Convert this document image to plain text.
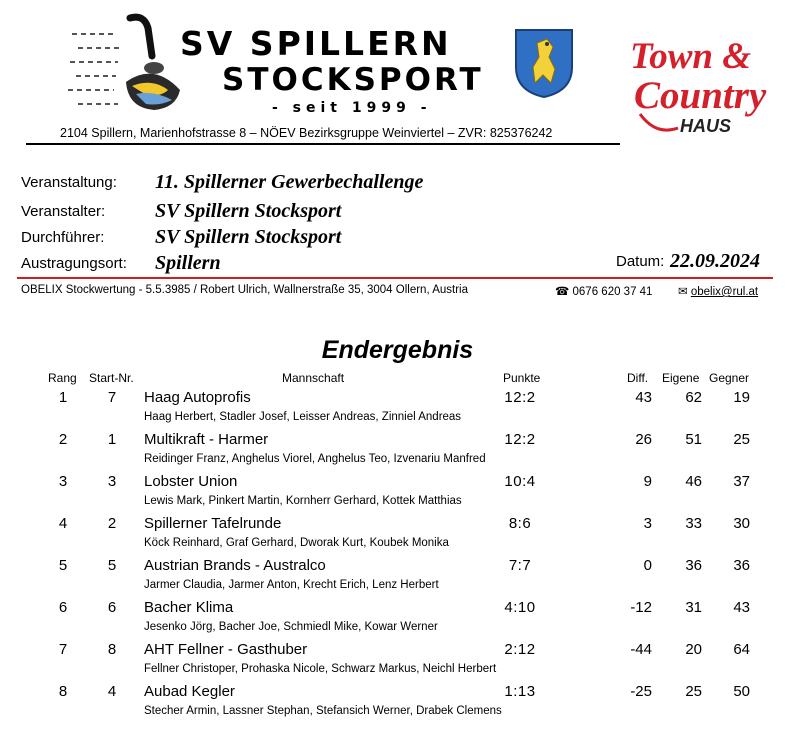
SV SPILLERN
STOCKSPORT
- seit 1999 -
2104 Spillern, Marienhofstrasse 8 – NÖEV Bezirksgruppe Weinviertel – ZVR: 825376242
Town &
Country
HAUS
Veranstaltung: 11. Spillerner Gewerbechallenge
Veranstalter: SV Spillern Stocksport
Durchführer:	SV Spillern Stocksport
Austragungsort: Spillern	Datum: 22.09.2024
OBELIX Stockwertung - 5.5.3985 / Robert Ulrich, Wallnerstraße 35, 3004 Ollern, Austria	☎ 0676 620 37 41 ✉ obelix@rul.at
Endergebnis
Rang Start-Nr.	Mannschaft	Punkte	Diff. Eigene Gegner
1	7	Haag Autoprofis	12:2	43	62	19
Haag Herbert, Stadler Josef, Leisser Andreas, Zinniel Andreas
2	1	Multikraft - Harmer	12:2	26	51	25
Reidinger Franz, Anghelus Viorel, Anghelus Teo, Izvenariu Manfred
3	3	Lobster Union	10:4	9	46	37
Lewis Mark, Pinkert Martin, Kornherr Gerhard, Kottek Matthias
4	2	Spillerner Tafelrunde	8:6	3	33	30
Köck Reinhard, Graf Gerhard, Dworak Kurt, Koubek Monika
5	5	Austrian Brands - Australco	7:7	0	36	36
Jarmer Claudia, Jarmer Anton, Krecht Erich, Lenz Herbert
6	6	Bacher Klima	4:10	-12	31	43
Jesenko Jörg, Bacher Joe, Schmiedl Mike, Kowar Werner
7	8	AHT Fellner - Gasthuber	2:12	-44	20	64
Fellner Christoper, Prohaska Nicole, Schwarz Markus, Neichl Herbert
8	4	Aubad Kegler	1:13	-25	25	50
Stecher Armin, Lassner Stephan, Stefansich Werner, Drabek Clemens
